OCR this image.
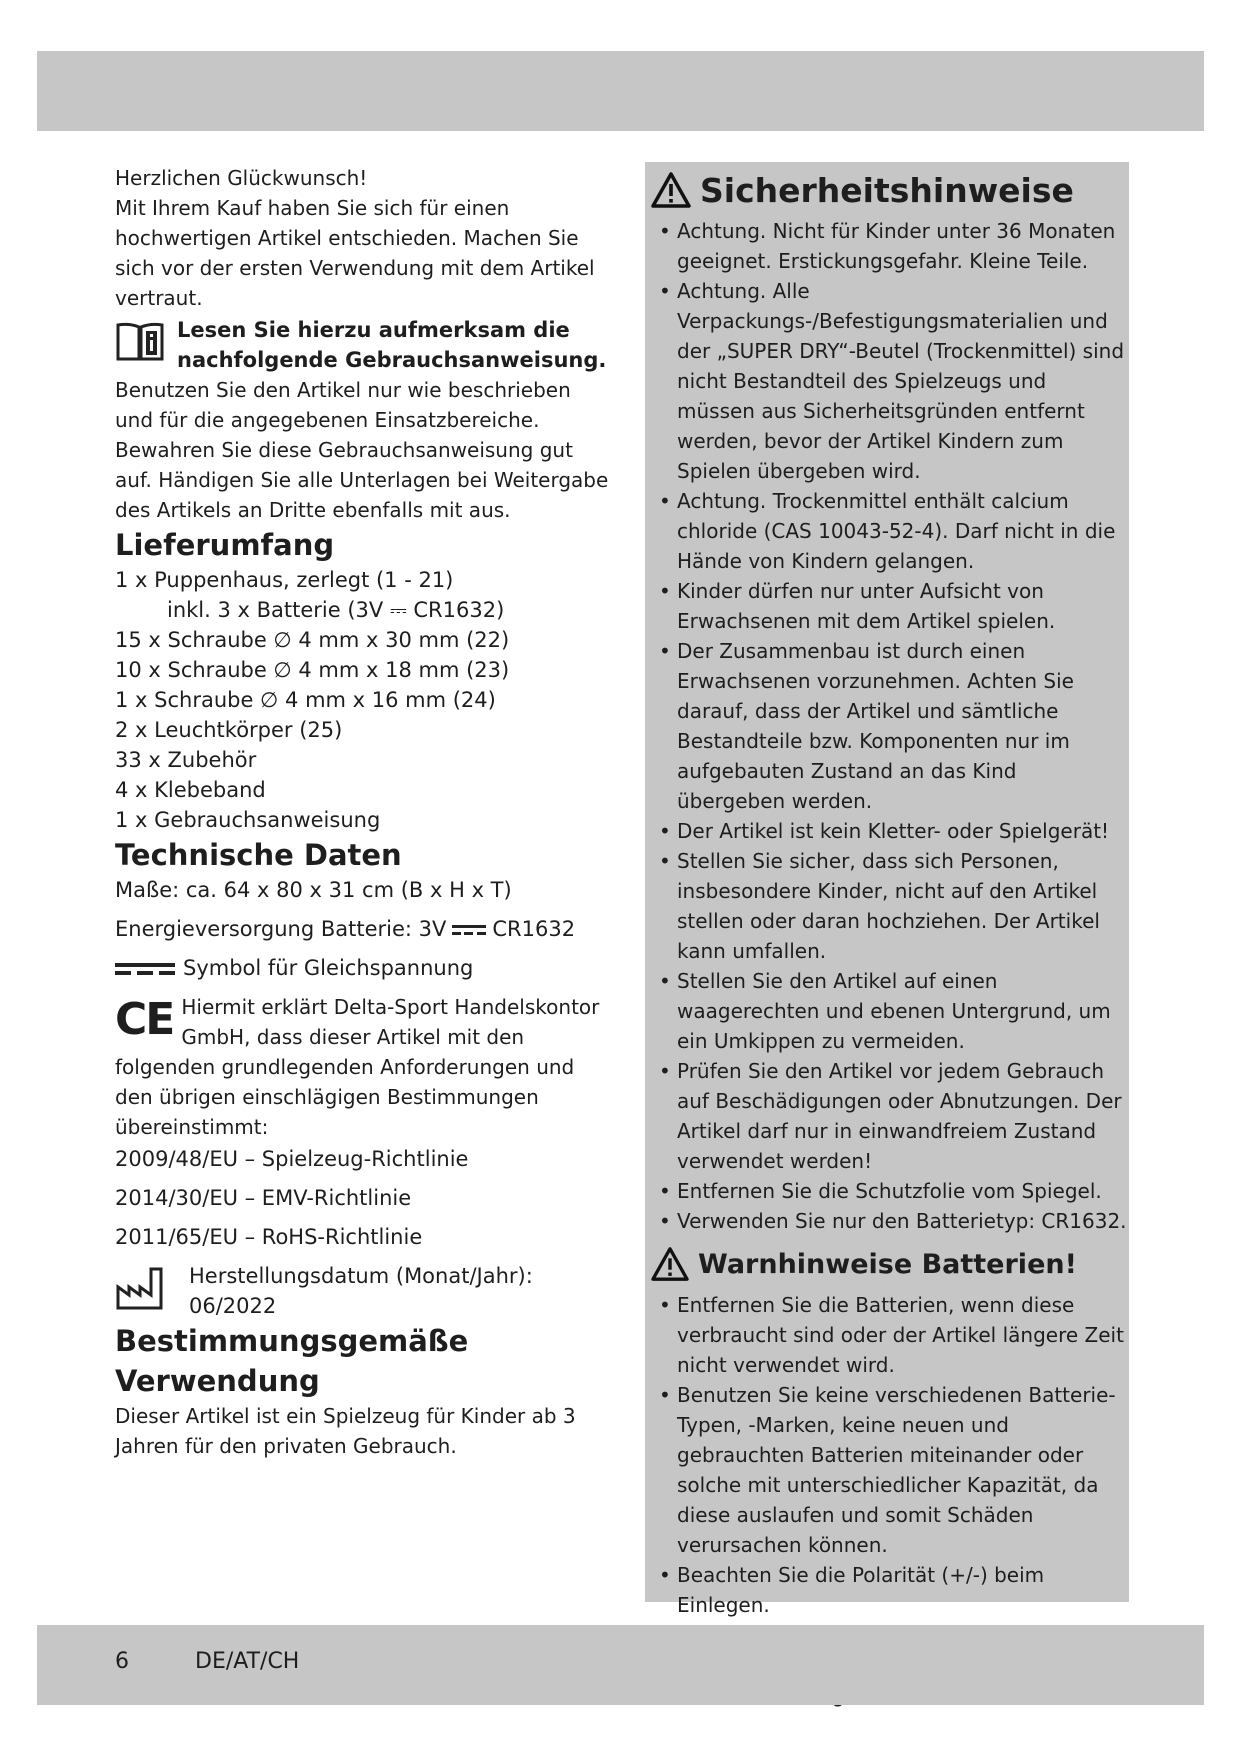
Herzlichen Glückwunsch!

Mit Ihrem Kauf haben Sie sich für einen hochwertigen Artikel entschieden. Machen Sie sich vor der ersten Verwendung mit dem Artikel vertraut.

Lesen Sie hierzu aufmerksam die nachfolgende Gebrauchsanweisung.

Benutzen Sie den Artikel nur wie beschrieben und für die angegebenen Einsatzbereiche. Bewahren Sie diese Gebrauchsanweisung gut auf. Händigen Sie alle Unterlagen bei Weitergabe des Artikels an Dritte ebenfalls mit aus.

Lieferumfang
1 x Puppenhaus, zerlegt (1 - 21)
inkl. 3 x Batterie (3V ⎓ CR1632)
15 x Schraube ∅ 4 mm x 30 mm (22)
10 x Schraube ∅ 4 mm x 18 mm (23)
1 x Schraube ∅ 4 mm x 16 mm (24)
2 x Leuchtkörper (25)
33 x Zubehör
4 x Klebeband
1 x Gebrauchsanweisung
Technische Daten
Maße: ca. 64 x 80 x 31 cm (B x H x T)
Energieversorgung Batterie: 3V CR1632
Symbol für Gleichspannung
CE Hiermit erklärt Delta-Sport Handelskontor GmbH, dass dieser Artikel mit den folgenden grundlegenden Anforderungen und den übrigen einschlägigen Bestimmungen übereinstimmt:
2009/48/EU – Spielzeug-Richtlinie
2014/30/EU – EMV-Richtlinie
2011/65/EU – RoHS-Richtlinie
Herstellungsdatum (Monat/Jahr):
06/2022
Bestimmungsgemäße Verwendung

Dieser Artikel ist ein Spielzeug für Kinder ab 3 Jahren für den privaten Gebrauch.

Sicherheitshinweise
• Achtung. Nicht für Kinder unter 36 Monaten geeignet. Erstickungsgefahr. Kleine Teile.
• Achtung. Alle Verpackungs-/Befestigungsmaterialien und der „SUPER DRY“-Beutel (Trockenmittel) sind nicht Bestandteil des Spielzeugs und müssen aus Sicherheitsgründen entfernt werden, bevor der Artikel Kindern zum Spielen übergeben wird.
• Achtung. Trockenmittel enthält calcium chloride (CAS 10043-52-4). Darf nicht in die Hände von Kindern gelangen.
• Kinder dürfen nur unter Aufsicht von Erwachsenen mit dem Artikel spielen.
• Der Zusammenbau ist durch einen Erwachsenen vorzunehmen. Achten Sie darauf, dass der Artikel und sämtliche Bestandteile bzw. Komponenten nur im aufgebauten Zustand an das Kind übergeben werden.
• Der Artikel ist kein Kletter- oder Spielgerät!
• Stellen Sie sicher, dass sich Personen, insbesondere Kinder, nicht auf den Artikel stellen oder daran hochziehen. Der Artikel kann umfallen.
• Stellen Sie den Artikel auf einen waagerechten und ebenen Untergrund, um ein Umkippen zu vermeiden.
• Prüfen Sie den Artikel vor jedem Gebrauch auf Beschädigungen oder Abnutzungen. Der Artikel darf nur in einwandfreiem Zustand verwendet werden!
• Entfernen Sie die Schutzfolie vom Spiegel.
• Verwenden Sie nur den Batterietyp: CR1632.
Warnhinweise Batterien!
• Entfernen Sie die Batterien, wenn diese verbraucht sind oder der Artikel längere Zeit nicht verwendet wird.
• Benutzen Sie keine verschiedenen Batterie-Typen, -Marken, keine neuen und gebrauchten Batterien miteinander oder solche mit unterschiedlicher Kapazität, da diese auslaufen und somit Schäden verursachen können.
• Beachten Sie die Polarität (+/-) beim Einlegen.
•
6	DE/AT/CH
